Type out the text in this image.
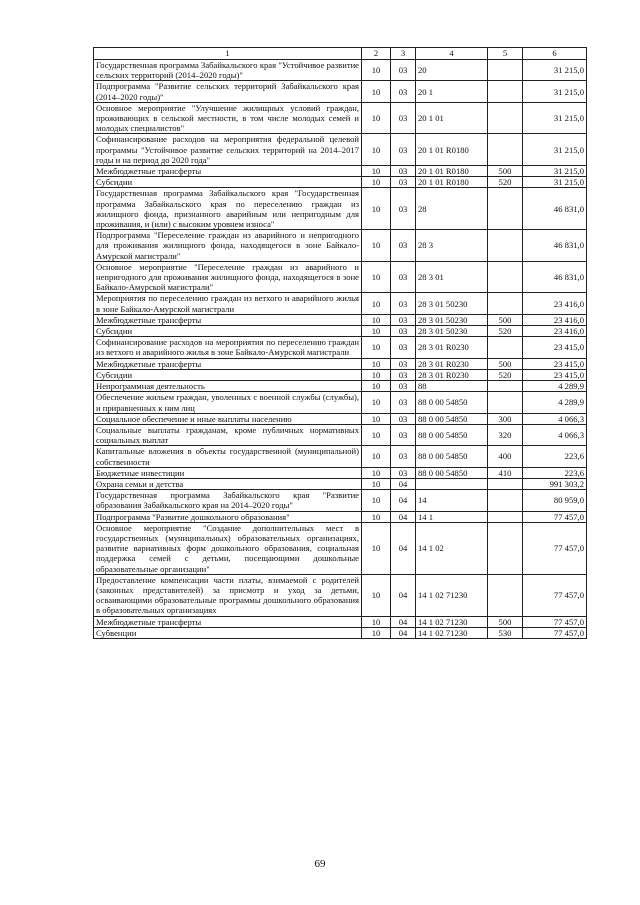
1	2	3	4	5	6
Государственная программа Забайкальского края "Устойчивое развитие сельских территорий (2014–2020 годы)"	10	03	20		31 215,0
Подпрограмма "Развитие сельских территорий Забайкальского края (2014–2020 годы)"	10	03	20 1		31 215,0
Основное мероприятие "Улучшение жилищных условий граждан, проживающих в сельской местности, в том числе молодых семей и молодых специалистов"	10	03	20 1 01		31 215,0
Софинансирование расходов на мероприятия федеральной целевой программы "Устойчивое развитие сельских территорий на 2014–2017 годы и на период до 2020 года"	10	03	20 1 01 R0180		31 215,0
Межбюджетные трансферты	10	03	20 1 01 R0180	500	31 215,0
Субсидии	10	03	20 1 01 R0180	520	31 215,0
Государственная программа Забайкальского края "Государственная программа Забайкальского края по переселению граждан из жилищного фонда, признанного аварийным или непригодным для проживания, и (или) с высоким уровнем износа"	10	03	28		46 831,0
Подпрограмма "Переселение граждан из аварийного и непригодного для проживания жилищного фонда, находящегося в зоне Байкало-Амурской магистрали"	10	03	28 3		46 831,0
Основное мероприятие "Переселение граждан из аварийного и непригодного для проживания жилищного фонда, находящегося в зоне Байкало-Амурской магистрали"	10	03	28 3 01		46 831,0
Мероприятия по переселению граждан из ветхого и аварийного жилья в зоне Байкало-Амурской магистрали	10	03	28 3 01 50230		23 416,0
Межбюджетные трансферты	10	03	28 3 01 50230	500	23 416,0
Субсидии	10	03	28 3 01 50230	520	23 416,0
Софинансирование расходов на мероприятия по переселению граждан из ветхого и аварийного жилья в зоне Байкало-Амурской магистрали	10	03	28 3 01 R0230		23 415,0
Межбюджетные трансферты	10	03	28 3 01 R0230	500	23 415,0
Субсидии	10	03	28 3 01 R0230	520	23 415,0
Непрограммная деятельность	10	03	88		4 289,9
Обеспечение жильем граждан, уволенных с военной службы (службы), и приравненных к ним лиц	10	03	88 0 00 54850		4 289,9
Социальное обеспечение и иные выплаты населению	10	03	88 0 00 54850	300	4 066,3
Социальные выплаты гражданам, кроме публичных нормативных социальных выплат	10	03	88 0 00 54850	320	4 066,3
Капитальные вложения в объекты государственной (муниципальной) собственности	10	03	88 0 00 54850	400	223,6
Бюджетные инвестиции	10	03	88 0 00 54850	410	223,6
Охрана семьи и детства	10	04			991 303,2
Государственная программа Забайкальского края "Развитие образования Забайкальского края на 2014–2020 годы"	10	04	14		80 959,0
Подпрограмма "Развитие дошкольного образования"	10	04	14 1		77 457,0
Основное мероприятие "Создание дополнительных мест в государственных (муниципальных) образовательных организациях, развитие вариативных форм дошкольного образования, социальная поддержка семей с детьми, посещающими дошкольные образовательные организации"	10	04	14 1 02		77 457,0
Предоставление компенсации части платы, взимаемой с родителей (законных представителей) за присмотр и уход за детьми, осваивающими образовательные программы дошкольного образования в образовательных организациях	10	04	14 1 02 71230		77 457,0
Межбюджетные трансферты	10	04	14 1 02 71230	500	77 457,0
Субвенции	10	04	14 1 02 71230	530	77 457,0
69
